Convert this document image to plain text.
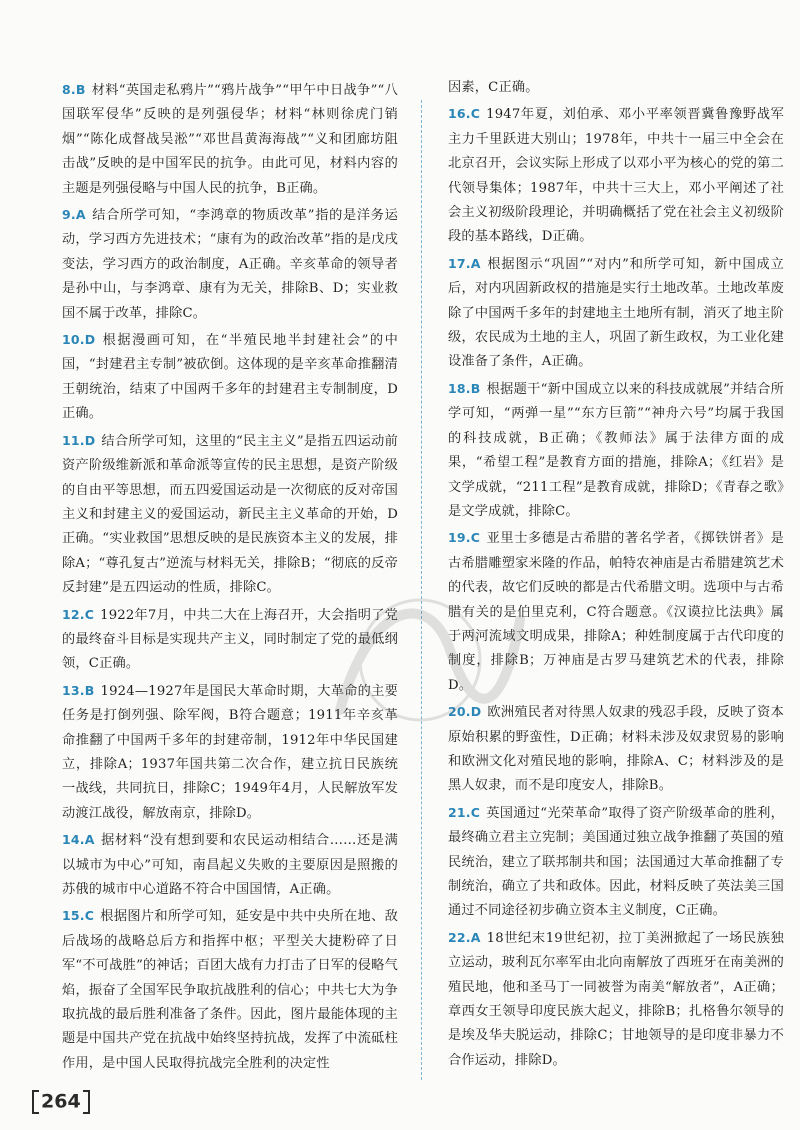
8.B 材料“英国走私鸦片”“鸦片战争”“甲午中日战争”“八国联军侵华”反映的是列强侵华；材料“林则徐虎门销烟”“陈化成督战吴淞”“邓世昌黄海海战”“义和团廊坊阻击战”反映的是中国军民的抗争。由此可见，材料内容的主题是列强侵略与中国人民的抗争，B正确。

9.A 结合所学可知，“李鸿章的物质改革”指的是洋务运动，学习西方先进技术；“康有为的政治改革”指的是戊戌变法，学习西方的政治制度，A正确。辛亥革命的领导者是孙中山，与李鸿章、康有为无关，排除B、D；实业救国不属于改革，排除C。

10.D 根据漫画可知，在“半殖民地半封建社会”的中国，“封建君主专制”被砍倒。这体现的是辛亥革命推翻清王朝统治，结束了中国两千多年的封建君主专制制度，D正确。

11.D 结合所学可知，这里的“民主主义”是指五四运动前资产阶级维新派和革命派等宣传的民主思想，是资产阶级的自由平等思想，而五四爱国运动是一次彻底的反对帝国主义和封建主义的爱国运动，新民主主义革命的开始，D正确。“实业救国”思想反映的是民族资本主义的发展，排除A；“尊孔复古”逆流与材料无关，排除B；“彻底的反帝反封建”是五四运动的性质，排除C。

12.C 1922年7月，中共二大在上海召开，大会指明了党的最终奋斗目标是实现共产主义，同时制定了党的最低纲领，C正确。

13.B 1924—1927年是国民大革命时期，大革命的主要任务是打倒列强、除军阀，B符合题意；1911年辛亥革命推翻了中国两千多年的封建帝制，1912年中华民国建立，排除A；1937年国共第二次合作，建立抗日民族统一战线，共同抗日，排除C；1949年4月，人民解放军发动渡江战役，解放南京，排除D。

14.A 据材料“没有想到要和农民运动相结合……还是满以城市为中心”可知，南昌起义失败的主要原因是照搬的苏俄的城市中心道路不符合中国国情，A正确。

15.C 根据图片和所学可知，延安是中共中央所在地、敌后战场的战略总后方和指挥中枢；平型关大捷粉碎了日军“不可战胜”的神话；百团大战有力打击了日军的侵略气焰，振奋了全国军民争取抗战胜利的信心；中共七大为争取抗战的最后胜利准备了条件。因此，图片最能体现的主题是中国共产党在抗战中始终坚持抗战，发挥了中流砥柱作用，是中国人民取得抗战完全胜利的决定性

因素，C正确。

16.C 1947年夏，刘伯承、邓小平率领晋冀鲁豫野战军主力千里跃进大别山；1978年，中共十一届三中全会在北京召开，会议实际上形成了以邓小平为核心的党的第二代领导集体；1987年，中共十三大上，邓小平阐述了社会主义初级阶段理论，并明确概括了党在社会主义初级阶段的基本路线，D正确。

17.A 根据图示“巩固”“对内”和所学可知，新中国成立后，对内巩固新政权的措施是实行土地改革。土地改革废除了中国两千多年的封建地主土地所有制，消灭了地主阶级，农民成为土地的主人，巩固了新生政权，为工业化建设准备了条件，A正确。

18.B 根据题干“新中国成立以来的科技成就展”并结合所学可知，“两弹一星”“东方巨箭”“神舟六号”均属于我国的科技成就，B正确；《教师法》属于法律方面的成果，“希望工程”是教育方面的措施，排除A；《红岩》是文学成就，“211工程”是教育成就，排除D；《青春之歌》是文学成就，排除C。

19.C 亚里士多德是古希腊的著名学者，《掷铁饼者》是古希腊雕塑家米隆的作品，帕特农神庙是古希腊建筑艺术的代表，故它们反映的都是古代希腊文明。选项中与古希腊有关的是伯里克利，C符合题意。《汉谟拉比法典》属于两河流域文明成果，排除A；种姓制度属于古代印度的制度，排除B；万神庙是古罗马建筑艺术的代表，排除D。

20.D 欧洲殖民者对待黑人奴隶的残忍手段，反映了资本原始积累的野蛮性，D正确；材料未涉及奴隶贸易的影响和欧洲文化对殖民地的影响，排除A、C；材料涉及的是黑人奴隶，而不是印度安人，排除B。

21.C 英国通过“光荣革命”取得了资产阶级革命的胜利，最终确立君主立宪制；美国通过独立战争推翻了英国的殖民统治，建立了联邦制共和国；法国通过大革命推翻了专制统治，确立了共和政体。因此，材料反映了英法美三国通过不同途径初步确立资本主义制度，C正确。

22.A 18世纪末19世纪初，拉丁美洲掀起了一场民族独立运动，玻利瓦尔率军由北向南解放了西班牙在南美洲的殖民地，他和圣马丁一同被誉为南美“解放者”，A正确；章西女王领导印度民族大起义，排除B；扎格鲁尔领导的是埃及华夫脱运动，排除C；甘地领导的是印度非暴力不合作运动，排除D。

264
